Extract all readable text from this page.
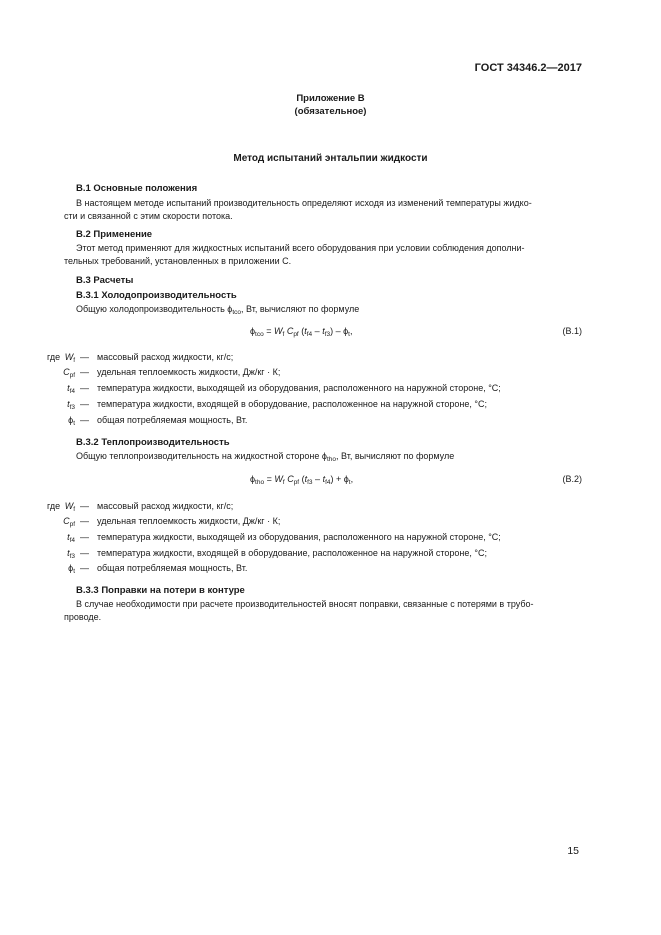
ГОСТ 34346.2—2017
Приложение В
(обязательное)
Метод испытаний энтальпии жидкости
В.1 Основные положения
В настоящем методе испытаний производительность определяют исходя из изменений температуры жидко-
сти и связанной с этим скорости потока.
В.2 Применение
Этот метод применяют для жидкостных испытаний всего оборудования при условии соблюдения дополни-
тельных требований, установленных в приложении С.
В.3 Расчеты
В.3.1 Холодопроизводительность
Общую холодопроизводительность $\phi_{tco}$, Вт, вычисляют по формуле
$\phi_{tco} = W_f$ $C_{pf}$ $(t_{f4} - t_{f3}) - \phi_t$,	(В.1)
где $W_f$ — массовый расход жидкости, кг/с;
$C_{pf}$ — удельная теплоемкость жидкости, Дж/кг · К;
$t_{f4}$ — температура жидкости, выходящей из оборудования, расположенного на наружной стороне, °С;
$t_{f3}$ — температура жидкости, входящей в оборудование, расположенное на наружной стороне, °С;
$\phi_t$ — общая потребляемая мощность, Вт.
В.3.2 Теплопроизводительность
Общую теплопроизводительность на жидкостной стороне $\phi_{tho}$, Вт, вычисляют по формуле
$\phi_{tho} = W_f$ $C_{pf}$ $(t_{f3} - t_{f4}) + \phi_t$,	(В.2)
где $W_f$ — массовый расход жидкости, кг/с;
$C_{pf}$ — удельная теплоемкость жидкости, Дж/кг · К;
$t_{f4}$ — температура жидкости, выходящей из оборудования, расположенного на наружной стороне, °С;
$t_{f3}$ — температура жидкости, входящей в оборудование, расположенное на наружной стороне, °С;
$\phi_t$ — общая потребляемая мощность, Вт.
В.3.3 Поправки на потери в контуре
В случае необходимости при расчете производительностей вносят поправки, связанные с потерями в трубо-
проводе.
15
